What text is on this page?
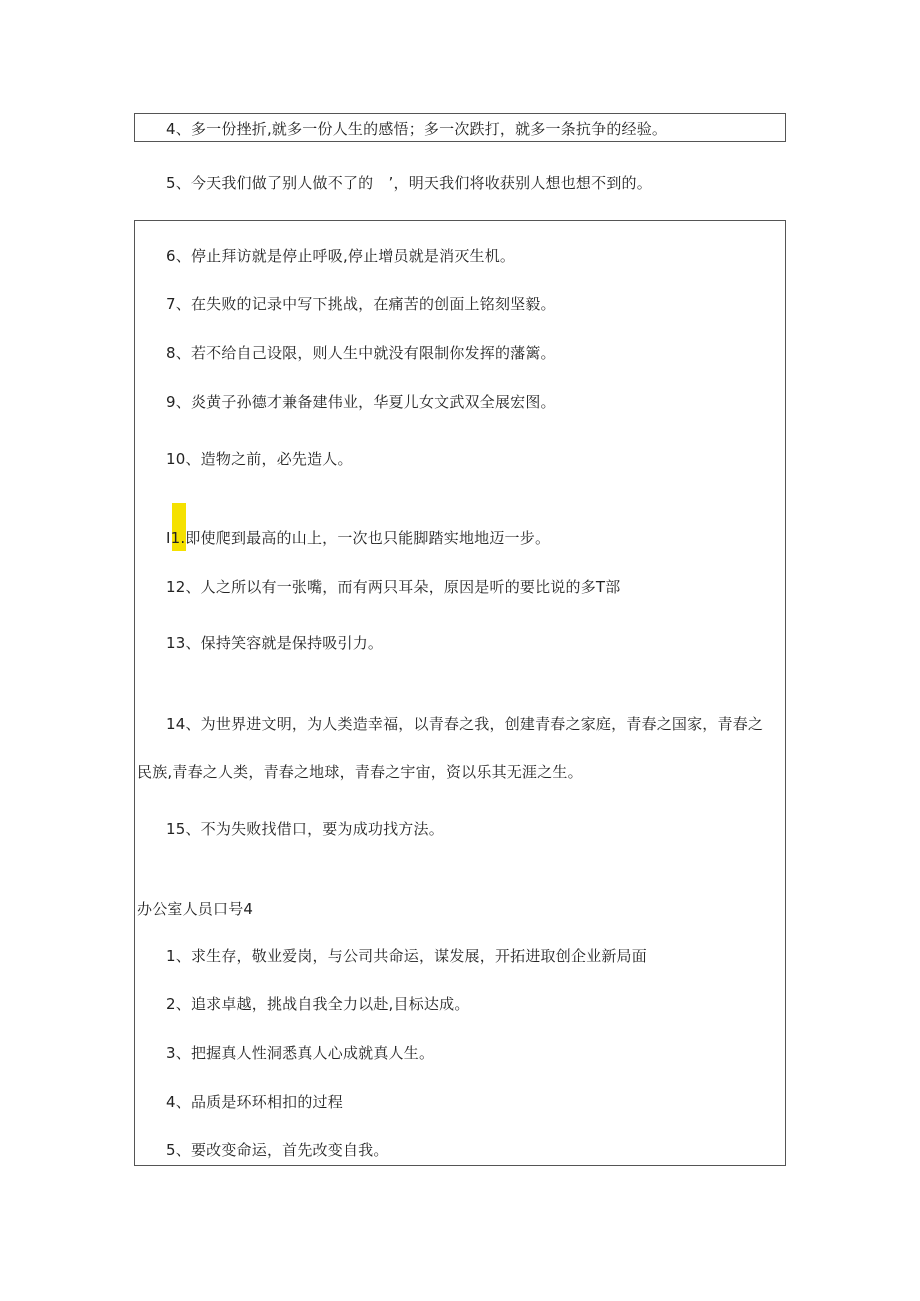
4、多一份挫折,就多一份人生的感悟；多一次跌打，就多一条抗争的经验。
5、今天我们做了别人做不了的　’，明天我们将收获别人想也想不到的。
6、停止拜访就是停止呼吸,停止增员就是消灭生机。
7、在失败的记录中写下挑战，在痛苦的创面上铭刻坚毅。
8、若不给自己设限，则人生中就没有限制你发挥的藩篱。
9、炎黄子孙德才兼备建伟业，华夏儿女文武双全展宏图。
10、造物之前，必先造人。
I1.即使爬到最高的山上，一次也只能脚踏实地地迈一步。
12、人之所以有一张嘴，而有两只耳朵，原因是听的要比说的多T部
13、保持笑容就是保持吸引力。
14、为世界进文明，为人类造幸福，以青春之我，创建青春之家庭，青春之国家，青春之
民族,青春之人类，青春之地球，青春之宇宙，资以乐其无涯之生。
15、不为失败找借口，要为成功找方法。
办公室人员口号4
1、求生存，敬业爱岗，与公司共命运，谋发展，开拓进取创企业新局面
2、追求卓越，挑战自我全力以赴,目标达成。
3、把握真人性洞悉真人心成就真人生。
4、品质是环环相扣的过程
5、要改变命运，首先改变自我。
